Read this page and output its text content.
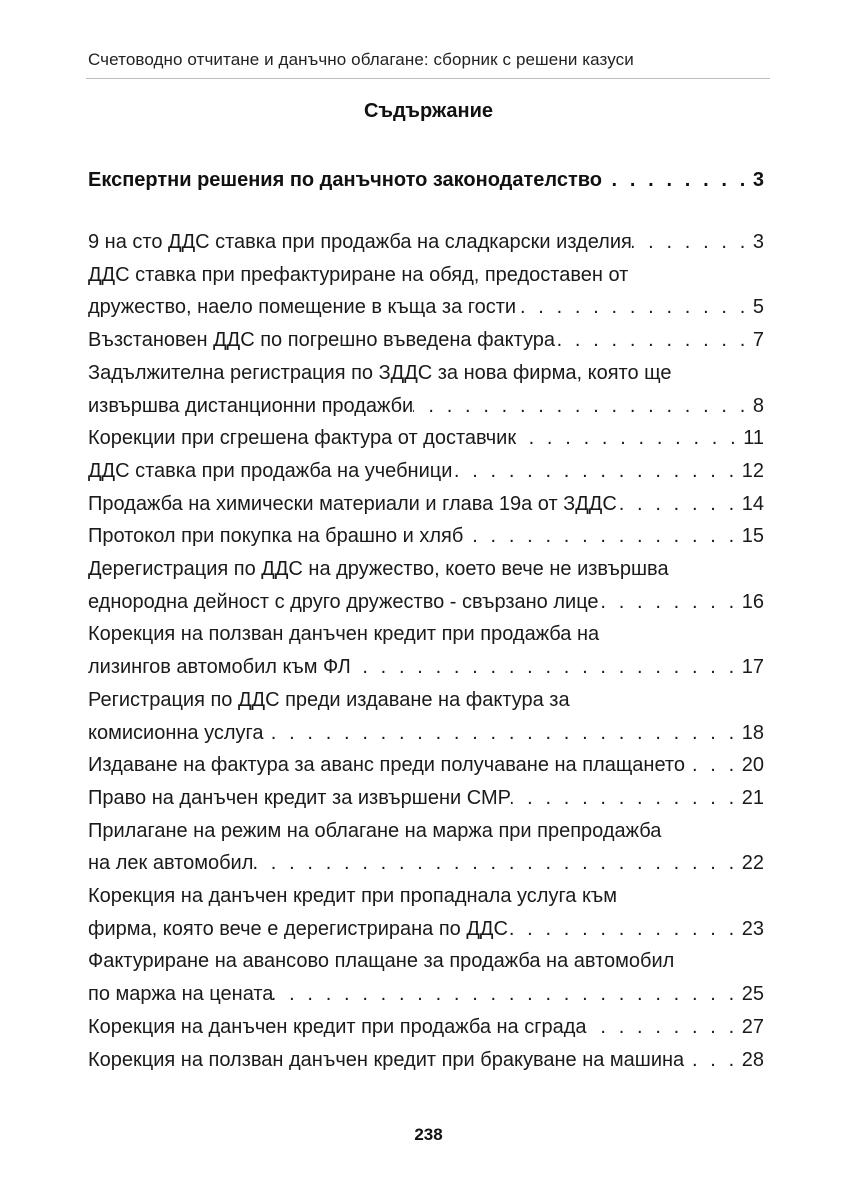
Счетоводно отчитане и данъчно облагане: сборник с решени казуси
Съдържание
Експертни решения по данъчното законодателство . . .	3
9 на сто ДДС ставка при продажба на сладкарски изделия . . .	3
ДДС ставка при префактуриране на обяд, предоставен от
дружество, наело помещение в къща за гости . . .	5
Възстановен ДДС по погрешно въведена фактура . . .	7
Задължителна регистрация по ЗДДС за нова фирма, която ще
извършва дистанционни продажби . . .	8
Корекции при сгрешена фактура от доставчик . . .	11
ДДС ставка при продажба на учебници . . .	12
Продажба на химически материали и глава 19а от ЗДДС . . .	14
Протокол при покупка на брашно и хляб . . .	15
Дерегистрация по ДДС на дружество, което вече не извършва
еднородна дейност с друго дружество - свързано лице . . .	16
Корекция на ползван данъчен кредит при продажба на
лизингов автомобил към ФЛ . . .	17
Регистрация по ДДС преди издаване на фактура за
комисионна услуга . . .	18
Издаване на фактура за аванс преди получаване на плащането . . .	20
Право на данъчен кредит за извършени СМР . . .	21
Прилагане на режим на облагане на маржа при препродажба
на лек автомобил . . .	22
Корекция на данъчен кредит при пропаднала услуга към
фирма, която вече е дерегистрирана по ДДС . . .	23
Фактуриране на авансово плащане за продажба на автомобил
по маржа на цената . . .	25
Корекция на данъчен кредит при продажба на сграда . . .	27
Корекция на ползван данъчен кредит при бракуване на машина . . .	28
238
